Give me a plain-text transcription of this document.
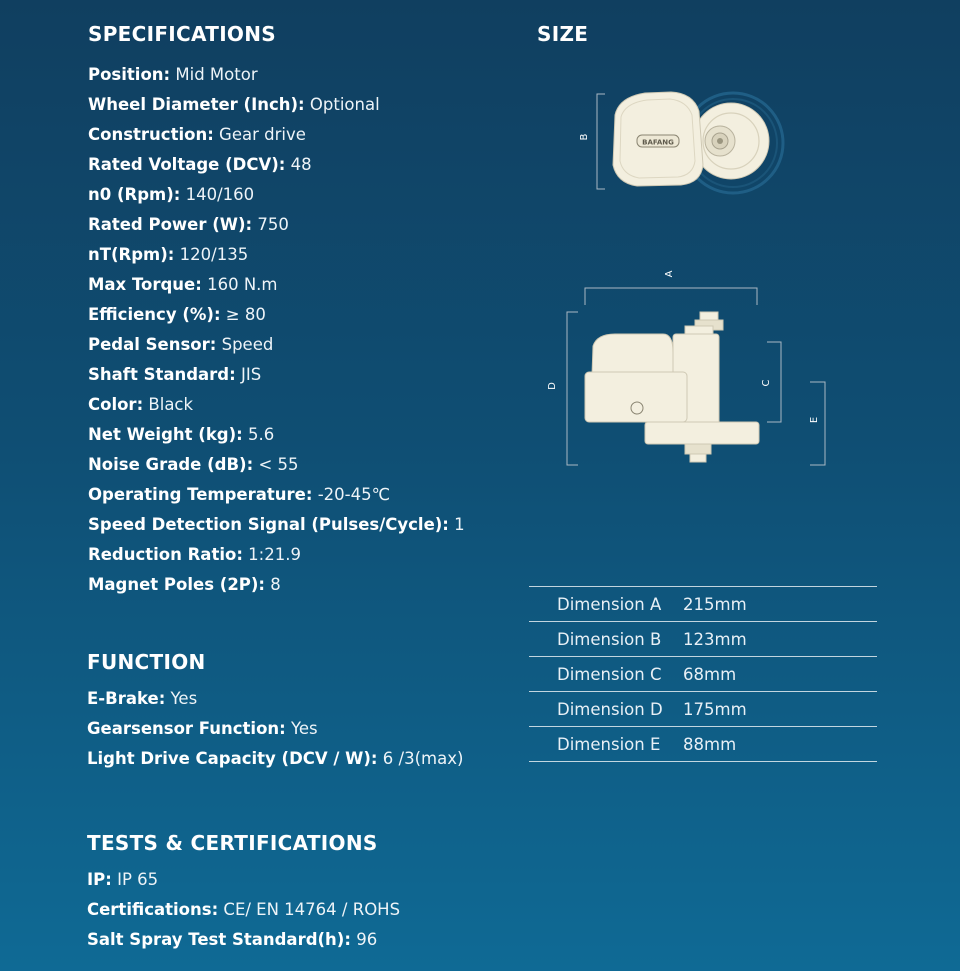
SPECIFICATIONS
Position: Mid Motor
Wheel Diameter (Inch): Optional
Construction: Gear drive
Rated Voltage (DCV): 48
n0 (Rpm): 140/160
Rated Power (W): 750
nT(Rpm): 120/135
Max Torque: 160 N.m
Efficiency (%): ≥ 80
Pedal Sensor: Speed
Shaft Standard: JIS
Color: Black
Net Weight (kg): 5.6
Noise Grade (dB): < 55
Operating Temperature: -20-45℃
Speed Detection Signal (Pulses/Cycle): 1
Reduction Ratio: 1:21.9
Magnet Poles (2P): 8
SIZE
B
BAFANG
A
D	C
E
Dimension A	215mm
Dimension B	123mm
Dimension C	68mm
Dimension D	175mm
Dimension E	88mm
FUNCTION
E-Brake: Yes
Gearsensor Function: Yes
Light Drive Capacity (DCV / W): 6 /3(max)
TESTS & CERTIFICATIONS
IP: IP 65
Certifications: CE/ EN 14764 / ROHS
Salt Spray Test Standard(h): 96
